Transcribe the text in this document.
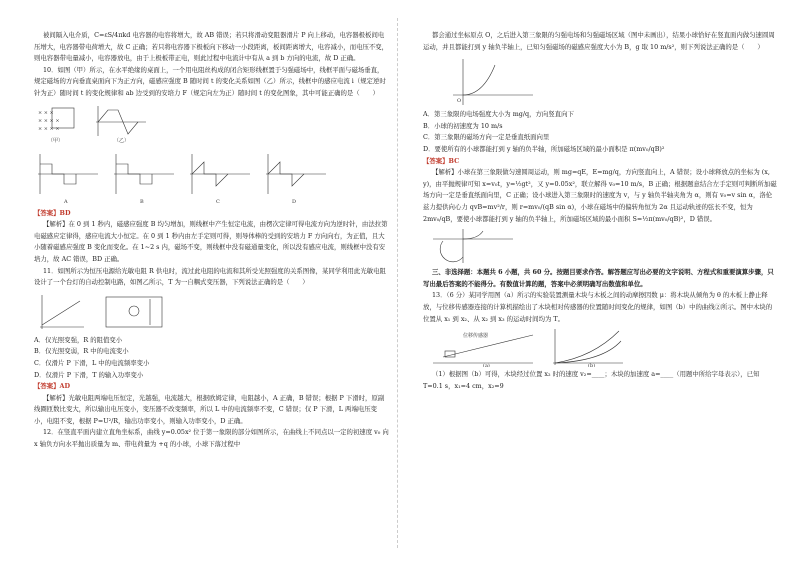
被间隔入电介质，C=εS/4πkd 电容器的电容将增大，故 AB 错误；若只将滑动变阻器滑片 P 向上移动，电容器极板间电压增大，电容器带电荷增大，故 C 正确；若只将电容器下极板向下移动一小段距离，板间距离增大，电容减小，而电压不变，则电容器带电量减小，电容器放电，由于上极板带正电，则此过程中电流计中有从 a 到 b 方向的电流，故 D 正确。

10．如图（甲）所示，在水平绝缘的桌面上，一个用电阻丝构成的闭合矩形线框置于匀强磁场中，线框平面与磁场垂直，规定磁场的方向垂直桌面向下为正方向，磁感应强度 B 随时间 t 的变化关系如图（乙）所示，线框中的感应电流 i（规定逆时针为正）随时间 t 的变化规律和 ab 边受到的安培力 F（规定向左为正）随时间 t 的变化图象，其中可能正确的是（　　）

× × ×
× × × ×
× × × ×
（甲）	（乙）
A	B	C	D

【答案】BD

【解析】在 0 到 1 秒内，磁感应强度 B 均匀增加，则线框中产生恒定电流，由楞次定律可得电流方向为逆时针，由法拉第电磁感应定律得，感应电流大小恒定。在 0 到 1 秒内由左手定则可得，则导体棒的受到的安培力 F 方向向右，为正值，且大小随着磁感应强度 B 变化而变化。在 1~2 s 内，磁场不变，则线框中没有磁通量变化，所以没有感应电流，则线框中没有安培力，故 AC 错误，BD 正确。

11．如图所示为恒压电源给光敏电阻 R 供电时，流过此电阻的电流和其所受光照强度的关系图像，某同学利用此光敏电阻设计了一个台灯的自动控制电路，如图乙所示，T 为一自耦式变压器，下列说法正确的是（　　）

A．仅光照变强，R 的阻值变小

B．仅光照变弱，R 中的电流变小

C．仅滑片 P 下滑，L 中的电流频率变小

D．仅滑片 P 下滑，T 的输入功率变小

【答案】AD

【解析】光敏电阻两端电压恒定，光越强，电流越大，根据欧姆定律，电阻越小，A 正确，B 错误；根据 P 下滑时，原副线圈匝数比变大，所以输出电压变小，变压器不改变频率，所以 L 中的电流频率不变，C 错误；仅 P 下滑，L 两端电压变小，电阻不变，根据 P=U²/R，输出功率变小，则输入功率变小，D 正确。

12．在竖直平面内建立直角坐标系，曲线 y=0.05x² 位于第一象限的部分如图所示，在曲线上不同点以一定的初速度 v₀ 向 x 轴负方向水平抛出质量为 m、带电荷量为 +q 的小球，小球下落过程中

都会通过坐标原点 O，之后进入第三象限的匀强电场和匀强磁场区域（图中未画出），结果小球恰好在竖直面内做匀速圆周运动，并且都能打到 y 轴负半轴上，已知匀强磁场的磁感应强度大小为 B，g 取 10 m/s²，则下列说法正确的是（　　）

O

A．第三象限的电场强度大小为 mg/q，方向竖直向下

B．小球的初速度为 10 m/s

C．第三象限的磁场方向一定是垂直纸面向里

D．要使所有的小球都能打到 y 轴的负半轴，所加磁场区域的最小面积是 π(mv₀/qB)²

【答案】BC

【解析】小球在第三象限做匀速圆周运动，则 mg=qE，E=mg/q，方向竖直向上，A 错误；设小球释放点的坐标为 (x, y)，由平抛规律可知 x=v₀t，y=½gt²，又 y=0.05x²，联立解得 v₀=10 m/s，B 正确；根据题意结合左手定则可判断所加磁场方向一定是垂直纸面向里，C 正确；设小球进入第三象限时的速度为 v，与 y 轴负半轴夹角为 α，则有 v₀=v sin α，洛伦兹力提供向心力 qvB=mv²/r，则 r=mv₀/(qB sin α)，小球在磁场中的偏转角恒为 2α 且运动轨迹的弦长不变，恒为 2mv₀/qB，要使小球都能打到 y 轴的负半轴上，所加磁场区域的最小面积 S=½π(mv₀/qB)²，D 错误。

三、非选择题：本题共 6 小题，共 60 分。按题目要求作答。解答题应写出必要的文字说明、方程式和重要演算步骤，只写出最后答案的不能得分。有数值计算的题，答案中必须明确写出数值和单位。

13．（6 分）某同学用图（a）所示的实验装置测量木块与木板之间的动摩擦因数 μ：将木块从倾角为 θ 的木板上静止释放，与位移传感器连接的计算机描绘出了木块相对传感器的位置随时间变化的规律，如图（b）中的曲线②所示。图中木块的位置从 x₁ 到 x₂、从 x₂ 到 x₃ 的运动时间均为 T。

位移传感器
(a)	(b)

（1）根据图（b）可得，木块经过位置 x₂ 时的速度 v₂=____；木块的加速度 a=____（用题中所给字母表示），已知 T=0.1 s，x₁=4 cm，x₂=9
